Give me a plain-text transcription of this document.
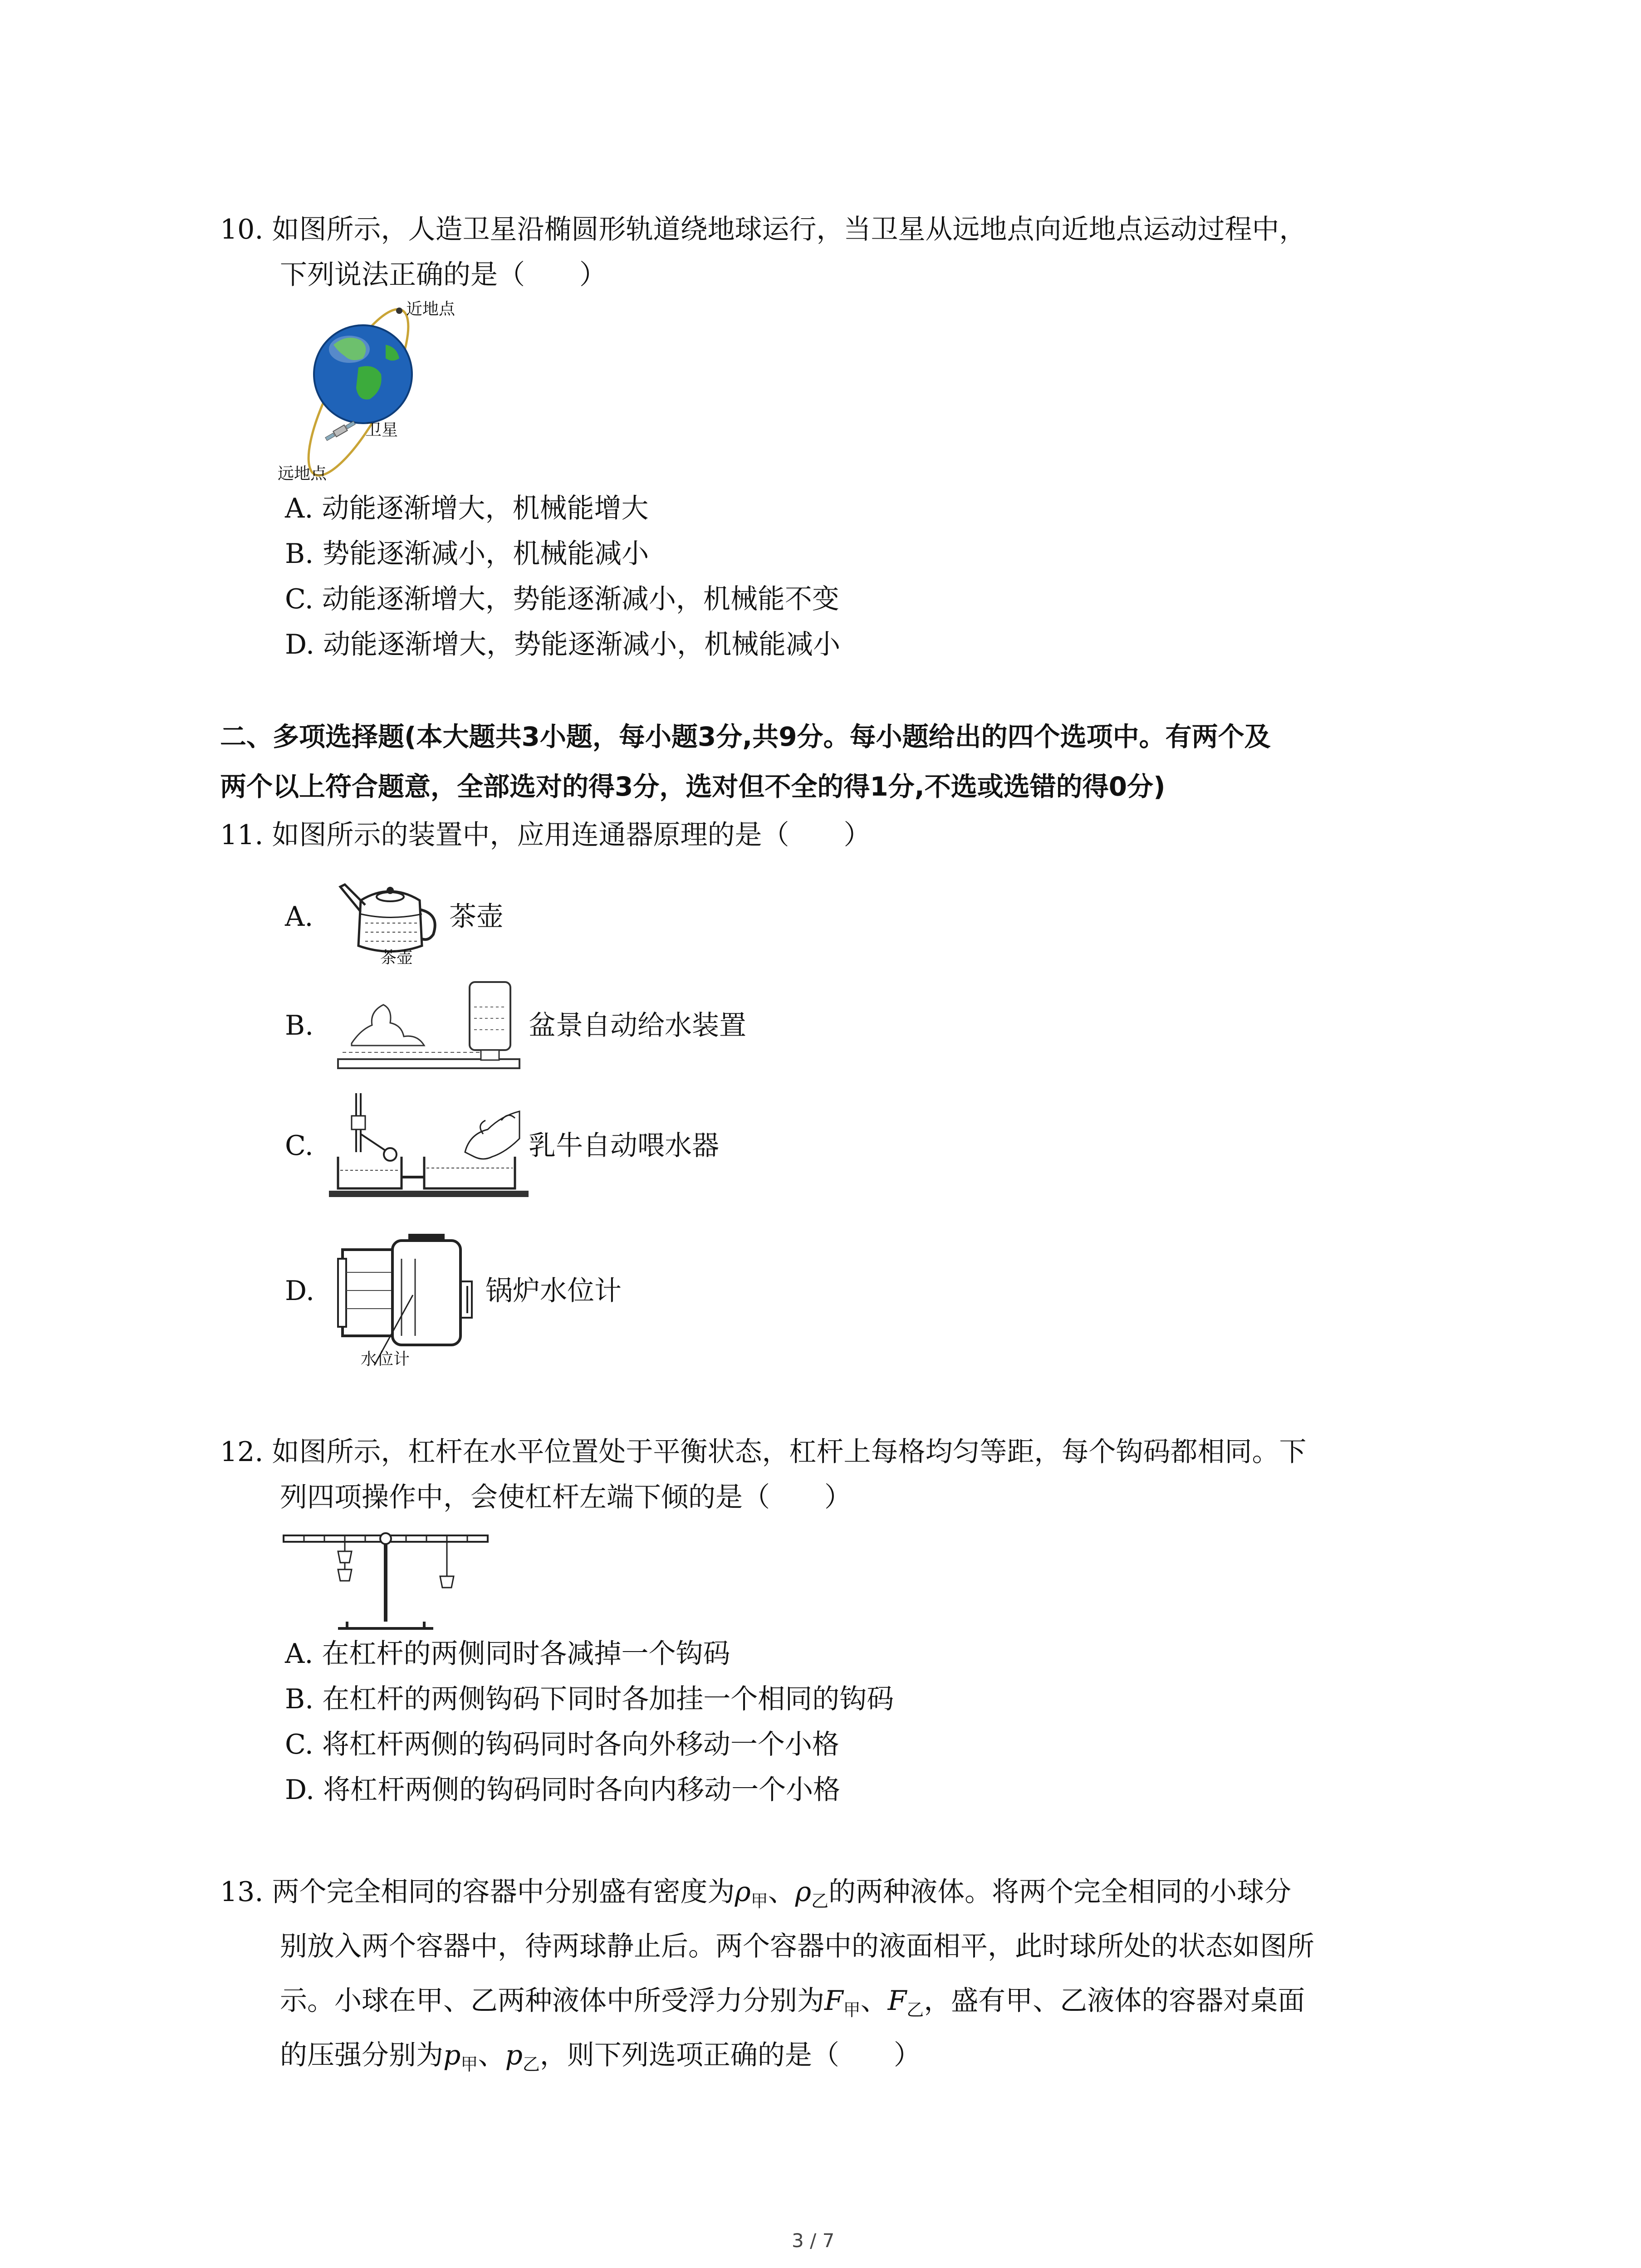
10. 如图所示，人造卫星沿椭圆形轨道绕地球运行，当卫星从远地点向近地点运动过程中，
下列说法正确的是（　　）
近地点
卫星
远地点
A. 动能逐渐增大，机械能增大
B. 势能逐渐减小，机械能减小
C. 动能逐渐增大，势能逐渐减小，机械能不变
D. 动能逐渐增大，势能逐渐减小，机械能减小
二、多项选择题(本大题共3小题，每小题3分,共9分。每小题给出的四个选项中。有两个及
两个以上符合题意，全部选对的得3分，选对但不全的得1分,不选或选错的得0分)
11. 如图所示的装置中，应用连通器原理的是（　　）
A.	茶壶
茶壶
B.	盆景自动给水装置
C.	乳牛自动喂水器
D.	锅炉水位计
水位计
12. 如图所示，杠杆在水平位置处于平衡状态，杠杆上每格均匀等距，每个钩码都相同。下
列四项操作中，会使杠杆左端下倾的是（　　）
A. 在杠杆的两侧同时各减掉一个钩码
B. 在杠杆的两侧钩码下同时各加挂一个相同的钩码
C. 将杠杆两侧的钩码同时各向外移动一个小格
D. 将杠杆两侧的钩码同时各向内移动一个小格
13. 两个完全相同的容器中分别盛有密度为$\rho_甲$、$\rho_乙$的两种液体。将两个完全相同的小球分
别放入两个容器中，待两球静止后。两个容器中的液面相平，此时球所处的状态如图所
示。小球在甲、乙两种液体中所受浮力分别为$F_甲$、$F_乙$，盛有甲、乙液体的容器对桌面
的压强分别为$p_甲$、$p_乙$，则下列选项正确的是（　　）
3 / 7
